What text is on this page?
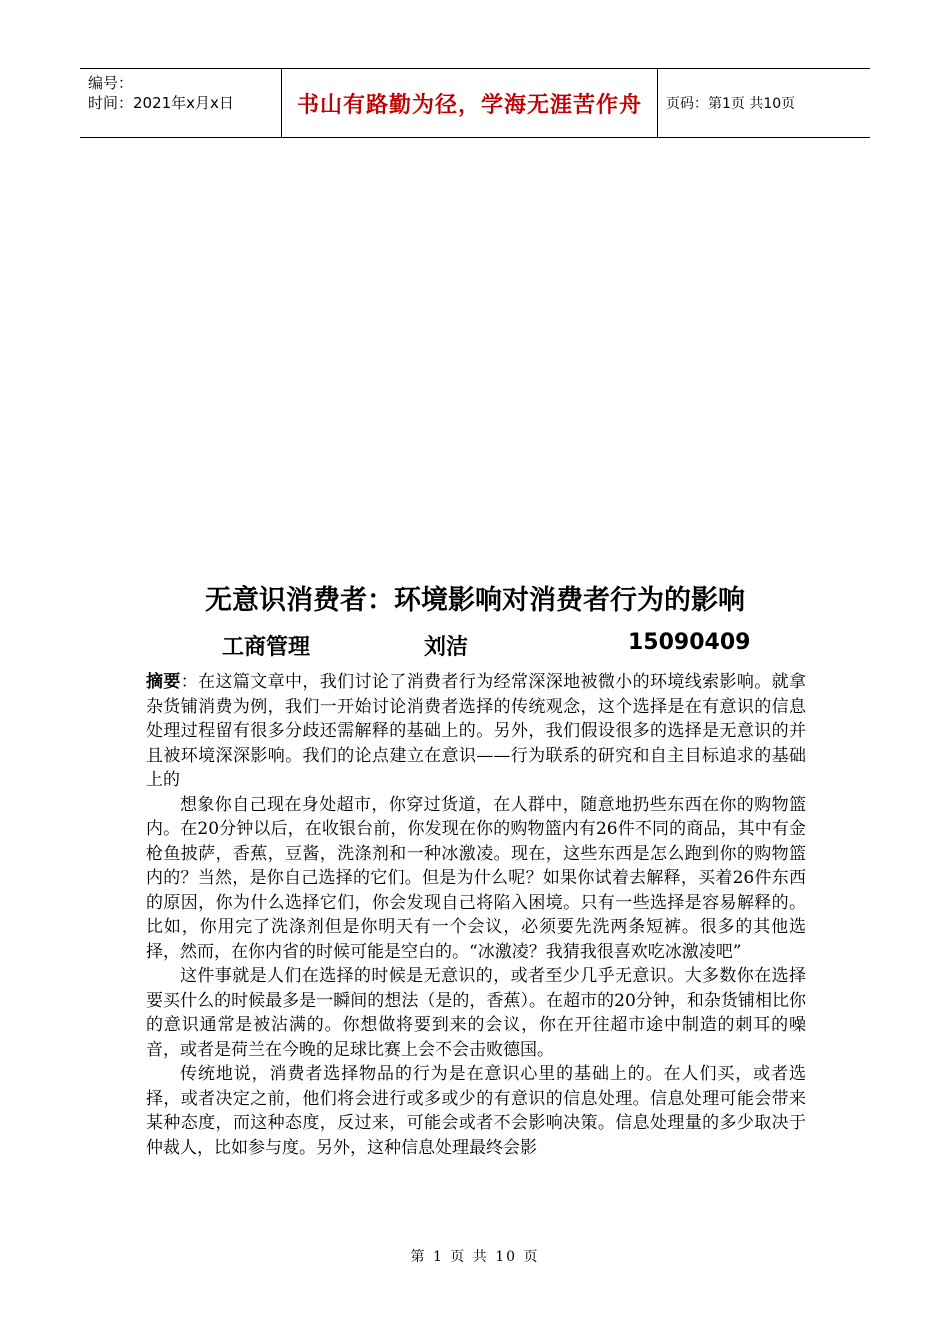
编号：
时间：2021年x月x日	书山有路勤为径，学海无涯苦作舟 页码：第1页 共10页
无意识消费者：环境影响对消费者行为的影响
工商管理	刘洁	15090409

摘要：在这篇文章中，我们讨论了消费者行为经常深深地被微小的环境线索影响。就拿杂货铺消费为例，我们一开始讨论消费者选择的传统观念，这个选择是在有意识的信息处理过程留有很多分歧还需解释的基础上的。另外，我们假设很多的选择是无意识的并且被环境深深影响。我们的论点建立在意识——行为联系的研究和自主目标追求的基础上的

想象你自己现在身处超市，你穿过货道，在人群中，随意地扔些东西在你的购物篮内。在20分钟以后，在收银台前，你发现在你的购物篮内有26件不同的商品，其中有金枪鱼披萨，香蕉，豆酱，洗涤剂和一种冰激凌。现在，这些东西是怎么跑到你的购物篮内的？当然，是你自己选择的它们。但是为什么呢？如果你试着去解释，买着26件东西的原因，你为什么选择它们，你会发现自己将陷入困境。只有一些选择是容易解释的。比如，你用完了洗涤剂但是你明天有一个会议，必须要先洗两条短裤。很多的其他选择，然而，在你内省的时候可能是空白的。“冰激凌？我猜我很喜欢吃冰激凌吧”

这件事就是人们在选择的时候是无意识的，或者至少几乎无意识。大多数你在选择要买什么的时候最多是一瞬间的想法（是的，香蕉）。在超市的20分钟，和杂货铺相比你的意识通常是被沾满的。你想做将要到来的会议，你在开往超市途中制造的刺耳的噪音，或者是荷兰在今晚的足球比赛上会不会击败德国。

传统地说，消费者选择物品的行为是在意识心里的基础上的。在人们买，或者选择，或者决定之前，他们将会进行或多或少的有意识的信息处理。信息处理可能会带来某种态度，而这种态度，反过来，可能会或者不会影响决策。信息处理量的多少取决于仲裁人，比如参与度。另外，这种信息处理最终会影

第 1 页 共 10 页
